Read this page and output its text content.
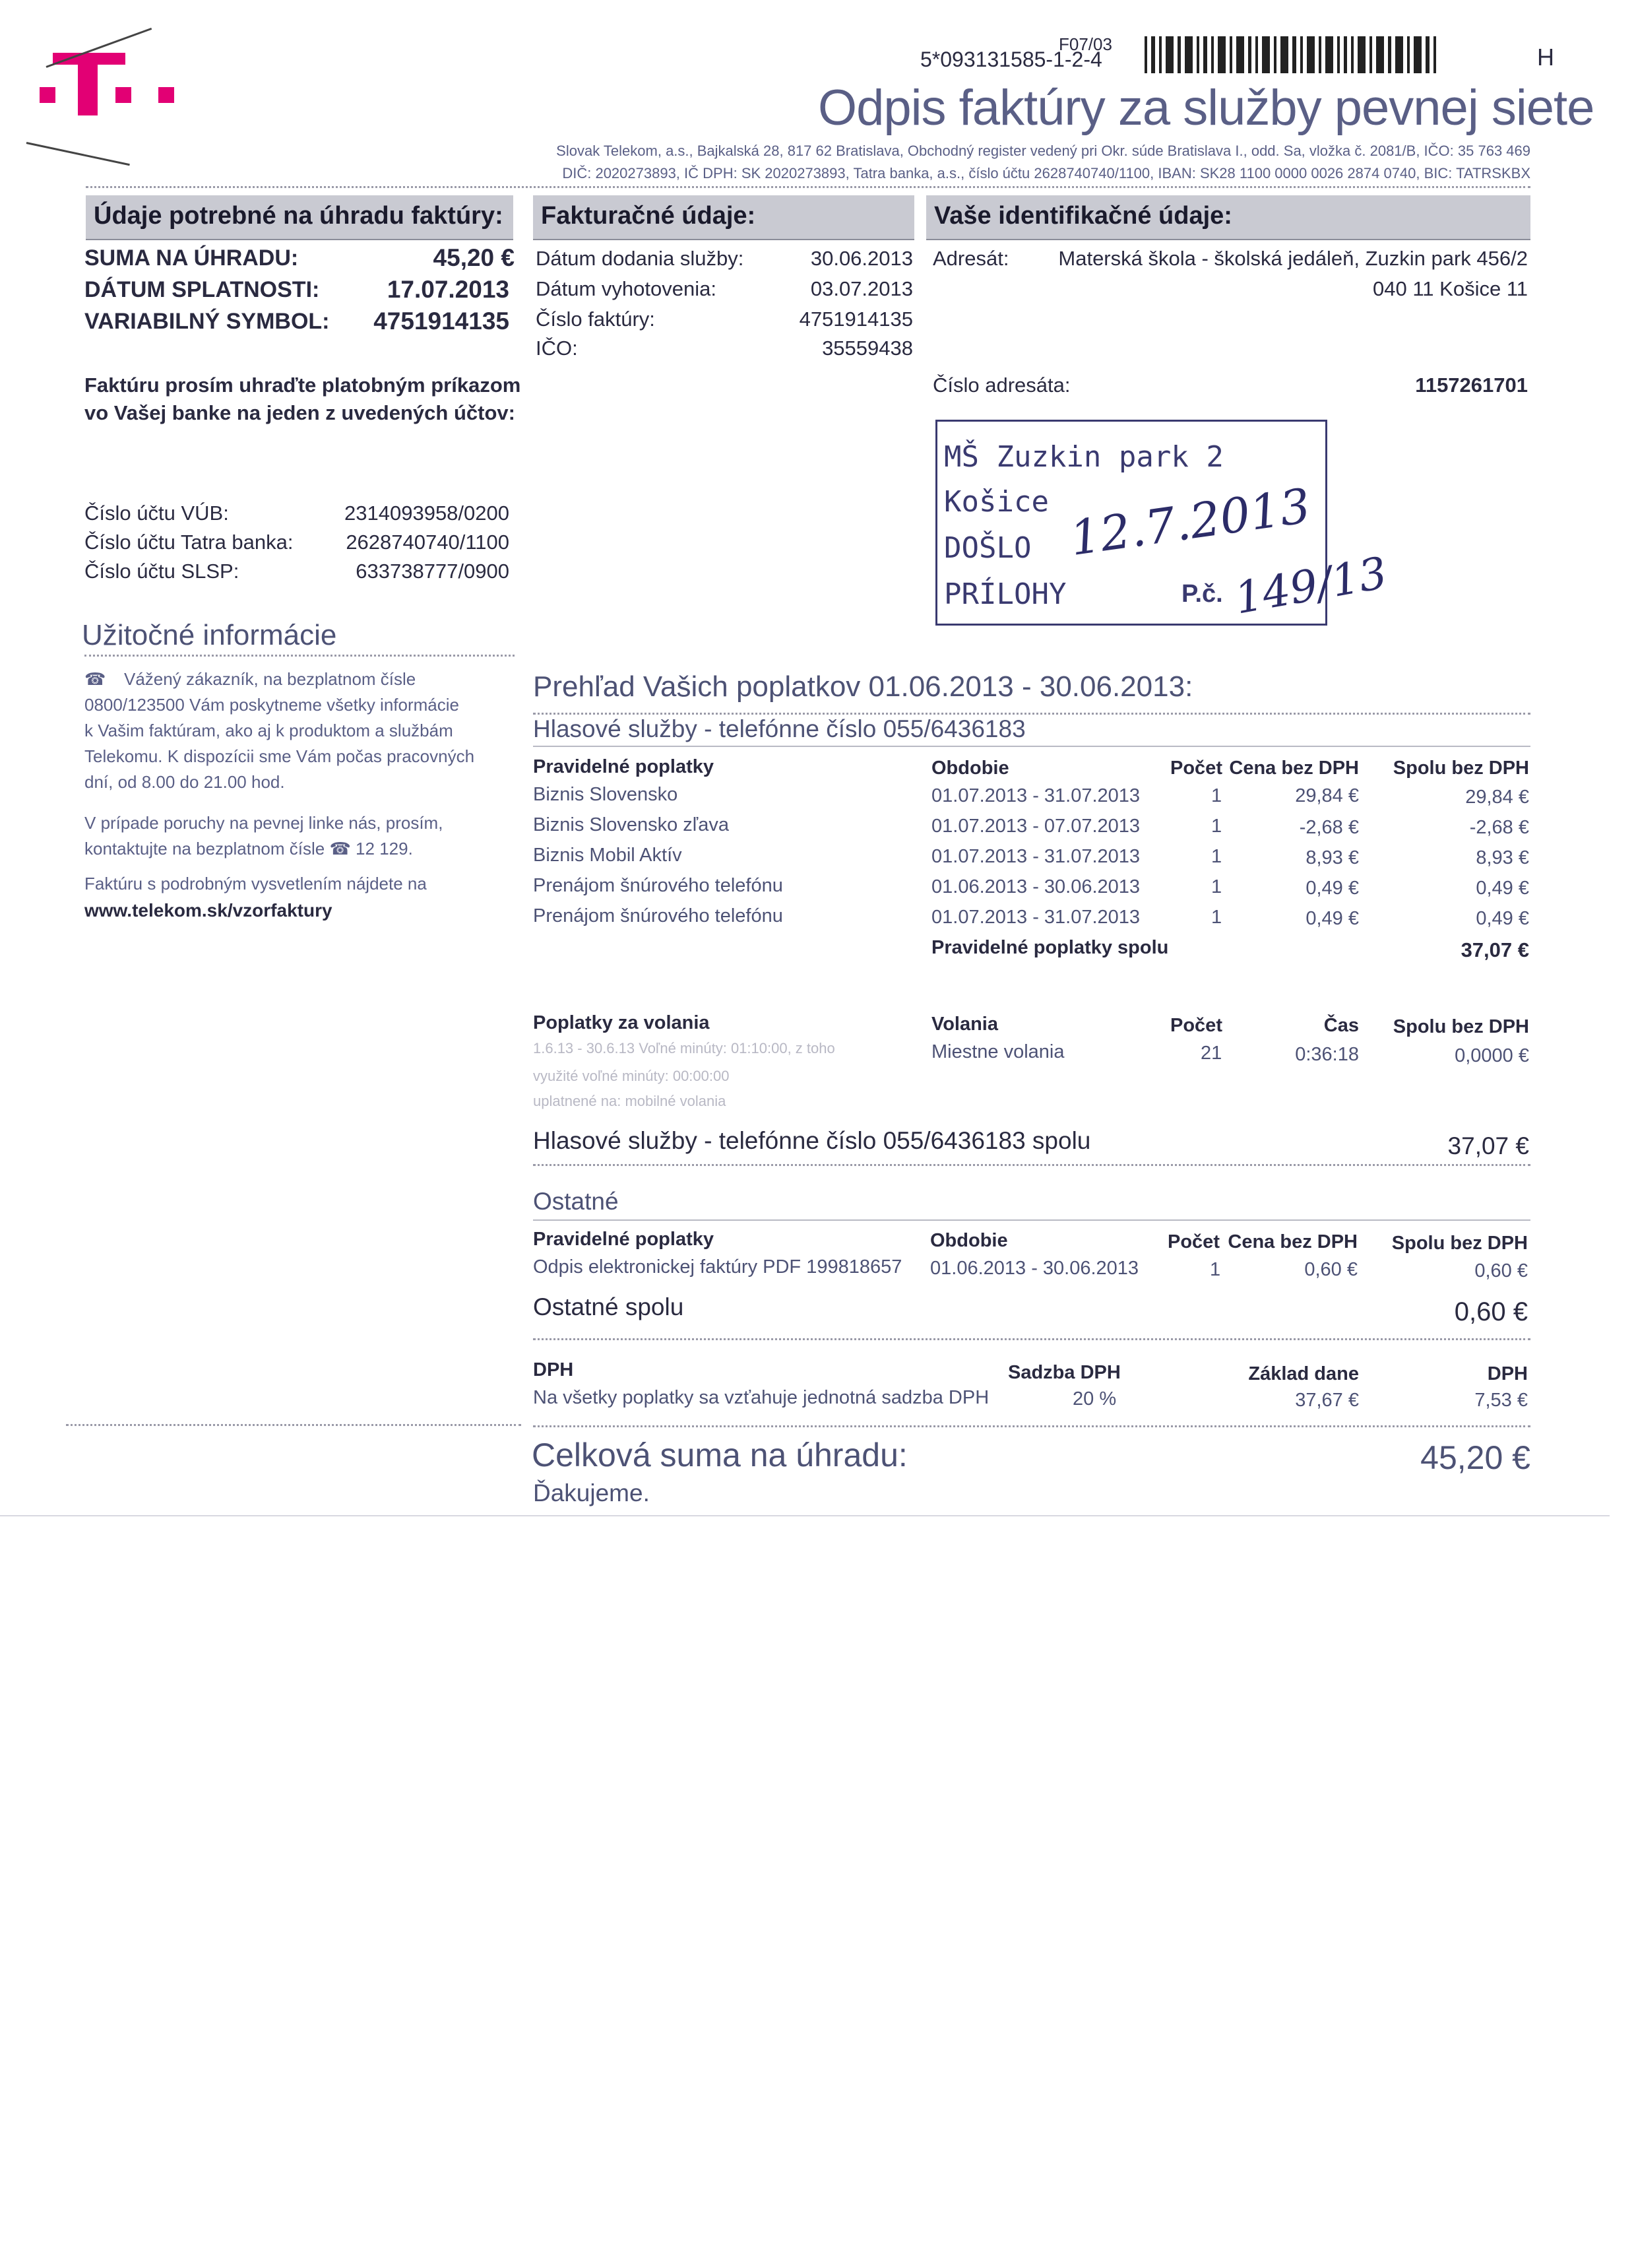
F07/03
5*093131585-1-2-4	H
Odpis faktúry za služby pevnej siete
Slovak Telekom, a.s., Bajkalská 28, 817 62 Bratislava, Obchodný register vedený pri Okr. súde Bratislava I., odd. Sa, vložka č. 2081/B, IČO: 35 763 469
DIČ: 2020273893, IČ DPH: SK 2020273893, Tatra banka, a.s., číslo účtu 2628740740/1100, IBAN: SK28 1100 0000 0026 2874 0740, BIC: TATRSKBX
Údaje potrebné na úhradu faktúry: Fakturačné údaje:	Vaše identifikačné údaje:
SUMA NA ÚHRADU:	45,20 €
DÁTUM SPLATNOSTI:	17.07.2013
VARIABILNÝ SYMBOL: 4751914135
Faktúru prosím uhraďte platobným príkazom
vo Vašej banke na jeden z uvedených účtov:
Číslo účtu VÚB:	2314093958/0200
Číslo účtu Tatra banka:	2628740740/1100
Číslo účtu SLSP:	633738777/0900
Dátum dodania služby:	30.06.2013
Dátum vyhotovenia:	03.07.2013
Číslo faktúry:	4751914135
IČO:	35559438
Adresát: Materská škola - školská jedáleň, Zuzkin park 456/2
040 11 Košice 11
Číslo adresáta:	1157261701
MŠ Zuzkin park 2
Košice
DOŠLO
PRÍLOHY
12.7.2013
P.č. 149/13
Užitočné informácie
☎	Vážený zákazník, na bezplatnom čísle
0800/123500 Vám poskytneme všetky informácie
k Vašim faktúram, ako aj k produktom a službám
Telekomu. K dispozícii sme Vám počas pracovných
dní, od 8.00 do 21.00 hod.
V prípade poruchy na pevnej linke nás, prosím,
kontaktujte na bezplatnom čísle ☎ 12 129.
Faktúru s podrobným vysvetlením nájdete na
www.telekom.sk/vzorfaktury
Prehľad Vašich poplatkov 01.06.2013 - 30.06.2013:
Hlasové služby - telefónne číslo 055/6436183
Pravidelné poplatky	Obdobie	Počet Cena bez DPH Spolu bez DPH
Biznis Slovensko	01.07.2013 - 31.07.2013	1	29,84 €	29,84 €
Biznis Slovensko zľava	01.07.2013 - 07.07.2013	1	-2,68 €	-2,68 €
Biznis Mobil Aktív	01.07.2013 - 31.07.2013	1	8,93 €	8,93 €
Prenájom šnúrového telefónu	01.06.2013 - 30.06.2013	1	0,49 €	0,49 €
Prenájom šnúrového telefónu	01.07.2013 - 31.07.2013	1	0,49 €	0,49 €
Pravidelné poplatky spolu	37,07 €
Poplatky za volania	Volania	Počet	Čas Spolu bez DPH
1.6.13 - 30.6.13 Voľné minúty: 01:10:00, z toho
využité voľné minúty: 00:00:00
uplatnené na: mobilné volania
Miestne volania	21	0:36:18	0,0000 €
Hlasové služby - telefónne číslo 055/6436183 spolu	37,07 €
Ostatné
Pravidelné poplatky	Obdobie	Počet Cena bez DPH Spolu bez DPH
Odpis elektronickej faktúry PDF 199818657 01.06.2013 - 30.06.2013	1	0,60 €	0,60 €
Ostatné spolu	0,60 €
DPH	Sadzba DPH	Základ dane	DPH
Na všetky poplatky sa vzťahuje jednotná sadzba DPH	20 %	37,67 €	7,53 €
Celková suma na úhradu:	45,20 €
Ďakujeme.
